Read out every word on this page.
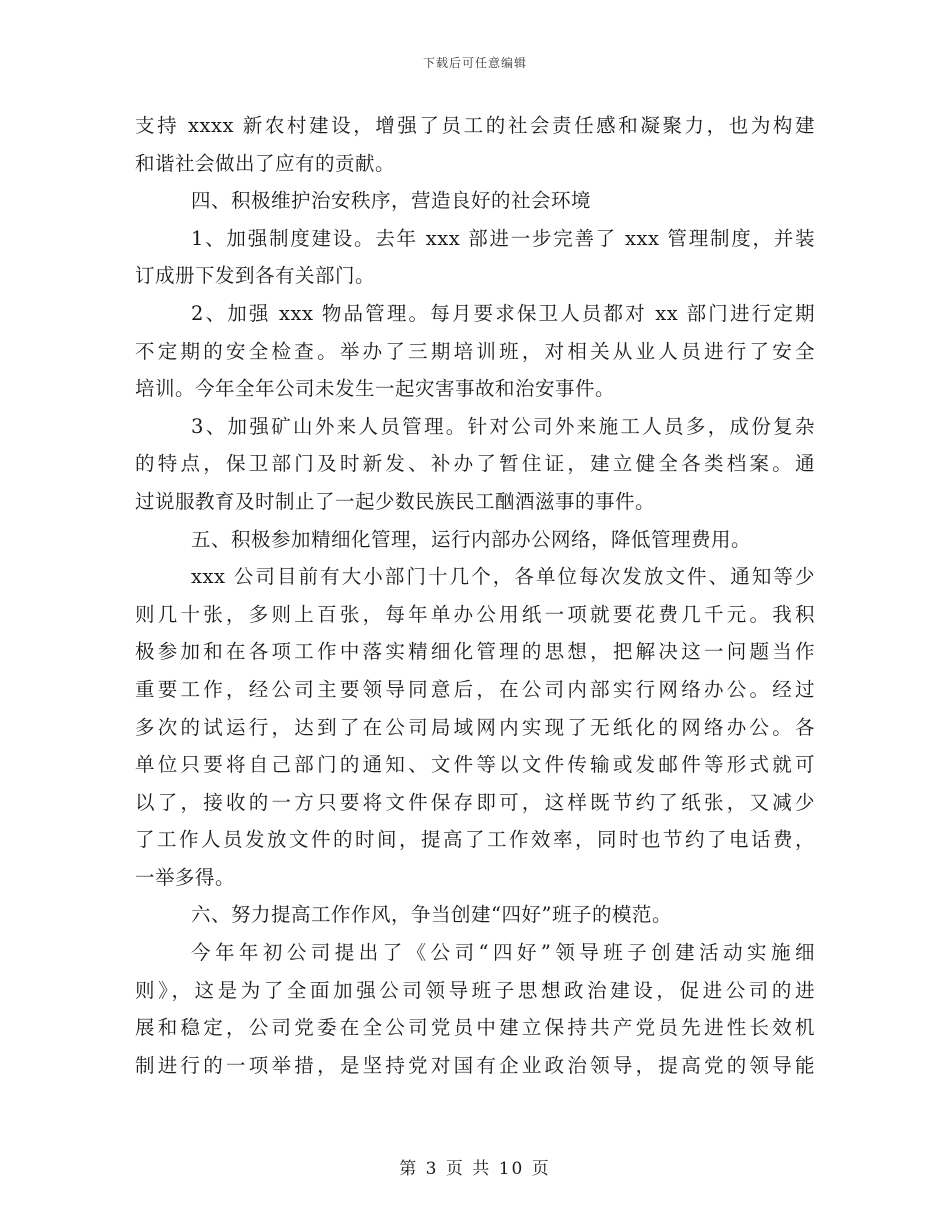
下载后可任意编辑
支持 xxxx 新农村建设，增强了员工的社会责任感和凝聚力，也为构建
和谐社会做出了应有的贡献。
四、积极维护治安秩序，营造良好的社会环境
1、加强制度建设。去年 xxx 部进一步完善了 xxx 管理制度，并装
订成册下发到各有关部门。
2、加强 xxx 物品管理。每月要求保卫人员都对 xx 部门进行定期
不定期的安全检查。举办了三期培训班，对相关从业人员进行了安全
培训。今年全年公司未发生一起灾害事故和治安事件。
3、加强矿山外来人员管理。针对公司外来施工人员多，成份复杂
的特点，保卫部门及时新发、补办了暂住证，建立健全各类档案。通
过说服教育及时制止了一起少数民族民工酗酒滋事的事件。
五、积极参加精细化管理，运行内部办公网络，降低管理费用。
xxx 公司目前有大小部门十几个，各单位每次发放文件、通知等少
则几十张，多则上百张，每年单办公用纸一项就要花费几千元。我积
极参加和在各项工作中落实精细化管理的思想，把解决这一问题当作
重要工作，经公司主要领导同意后，在公司内部实行网络办公。经过
多次的试运行，达到了在公司局域网内实现了无纸化的网络办公。各
单位只要将自己部门的通知、文件等以文件传输或发邮件等形式就可
以了，接收的一方只要将文件保存即可，这样既节约了纸张，又减少
了工作人员发放文件的时间，提高了工作效率，同时也节约了电话费，
一举多得。
六、努力提高工作作风，争当创建“四好”班子的模范。
今年年初公司提出了《公司“四好”领导班子创建活动实施细
则》，这是为了全面加强公司领导班子思想政治建设，促进公司的进
展和稳定，公司党委在全公司党员中建立保持共产党员先进性长效机
制进行的一项举措，是坚持党对国有企业政治领导，提高党的领导能
第 3 页 共 10 页
